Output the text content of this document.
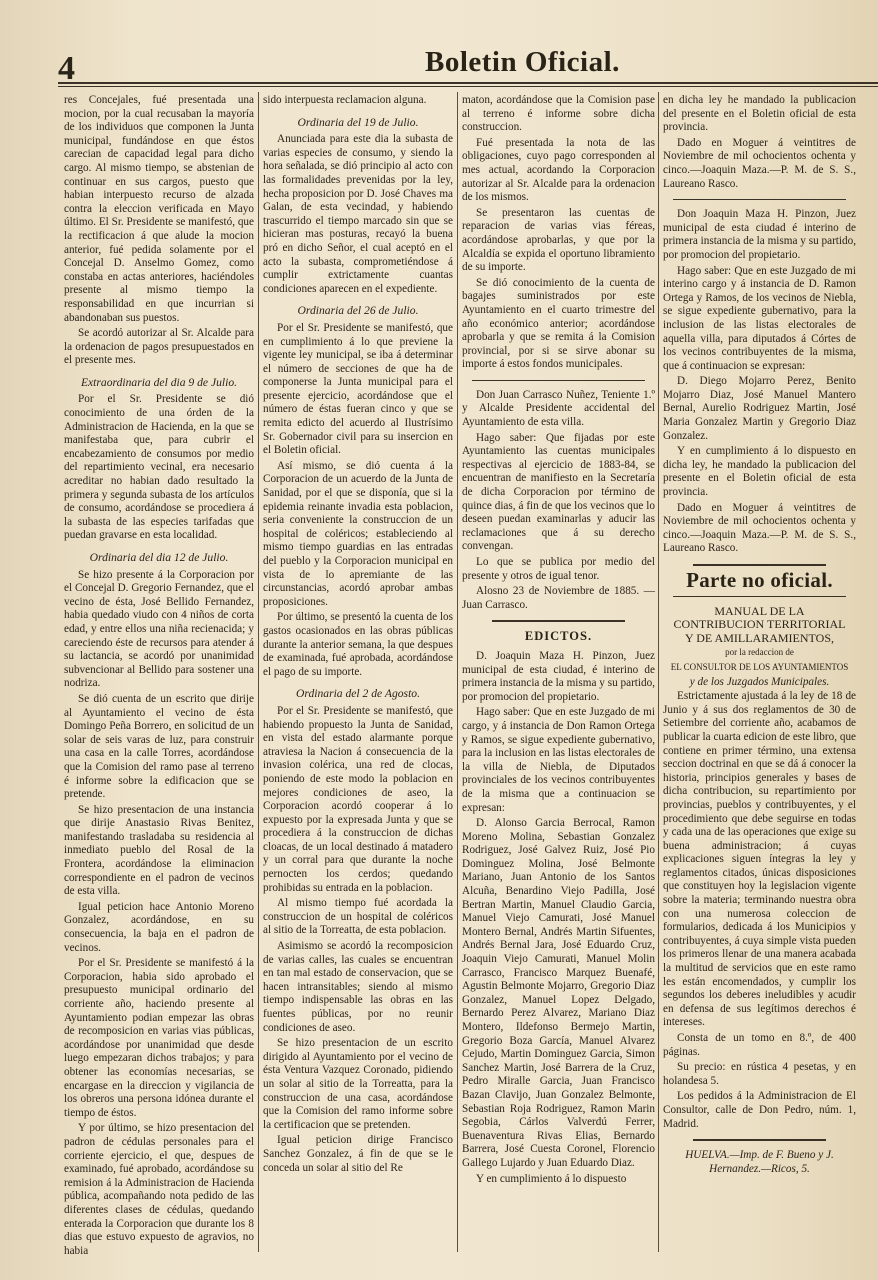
4	Boletin Oficial.

res Concejales, fué presentada una mocion, por la cual recusaban la mayoría de los individuos que componen la Junta municipal, fundándose en que éstos carecian de capacidad legal para dicho cargo. Al mismo tiempo, se abstenian de continuar en sus cargos, puesto que habian interpuesto recurso de alzada contra la eleccion verificada en Mayo último. El Sr. Presidente se manifestó, que la rectificacion á que alude la mocion anterior, fué pedida solamente por el Concejal D. Anselmo Gomez, como constaba en actas anteriores, haciéndoles presente al mismo tiempo la responsabilidad en que incurrian si abandonaban sus puestos.

Se acordó autorizar al Sr. Alcalde para la ordenacion de pagos presupuestados en el presente mes.

Extraordinaria del dia 9 de Julio.

Por el Sr. Presidente se dió conocimiento de una órden de la Administracion de Hacienda, en la que se manifestaba que, para cubrir el encabezamiento de consumos por medio del repartimiento vecinal, era necesario acreditar no habian dado resultado la primera y segunda subasta de los artículos de consumo, acordándose se procediera á la subasta de las especies tarifadas que puedan gravarse en esta localidad.

Ordinaria del dia 12 de Julio.

Se hizo presente á la Corporacion por el Concejal D. Gregorio Fernandez, que el vecino de ésta, José Bellido Fernandez, habia quedado viudo con 4 niños de corta edad, y entre ellos una niña recienacida; y careciendo éste de recursos para atender á su lactancia, se acordó por unanimidad subvencionar al Bellido para sostener una nodriza.

Se dió cuenta de un escrito que dirije al Ayuntamiento el vecino de ésta Domingo Peña Borrero, en solicitud de un solar de seis varas de luz, para construir una casa en la calle Torres, acordándose que la Comision del ramo pase al terreno é informe sobre la edificacion que se pretende.

Se hizo presentacion de una instancia que dirije Anastasio Rivas Benitez, manifestando trasladaba su residencia al inmediato pueblo del Rosal de la Frontera, acordándose la eliminacion correspondiente en el padron de vecinos de esta villa.

Igual peticion hace Antonio Moreno Gonzalez, acordándose, en su consecuencia, la baja en el padron de vecinos.

Por el Sr. Presidente se manifestó á la Corporacion, habia sido aprobado el presupuesto municipal ordinario del corriente año, haciendo presente al Ayuntamiento podian empezar las obras de recomposicion en varias vias públicas, acordándose por unanimidad que desde luego empezaran dichos trabajos; y para obtener las economías necesarias, se encargase en la direccion y vigilancia de los obreros una persona idónea durante el tiempo de éstos.

Y por último, se hizo presentacion del padron de cédulas personales para el corriente ejercicio, el que, despues de examinado, fué aprobado, acordándose su remision á la Administracion de Hacienda pública, acompañando nota pedido de las diferentes clases de cédulas, quedando enterada la Corporacion que durante los 8 dias que estuvo expuesto de agravios, no habia

sido interpuesta reclamacion alguna.

Ordinaria del 19 de Julio.

Anunciada para este dia la subasta de varias especies de consumo, y siendo la hora señalada, se dió principio al acto con las formalidades prevenidas por la ley, hecha proposicion por D. José Chaves ma Galan, de esta vecindad, y habiendo trascurrido el tiempo marcado sin que se hicieran mas posturas, recayó la buena pró en dicho Señor, el cual aceptó en el acto la subasta, comprometiéndose á cumplir extrictamente cuantas condiciones aparecen en el expediente.

Ordinaria del 26 de Julio.

Por el Sr. Presidente se manifestó, que en cumplimiento á lo que previene la vigente ley municipal, se iba á determinar el número de secciones de que ha de componerse la Junta municipal para el presente ejercicio, acordándose que el número de éstas fueran cinco y que se remita edicto del acuerdo al Ilustrísimo Sr. Gobernador civil para su insercion en el Boletin oficial.

Así mismo, se dió cuenta á la Corporacion de un acuerdo de la Junta de Sanidad, por el que se disponía, que si la epidemia reinante invadia esta poblacion, seria conveniente la construccion de un hospital de coléricos; estableciendo al mismo tiempo guardias en las entradas del pueblo y la Corporacion municipal en vista de lo apremiante de las circunstancias, acordó aprobar ambas proposiciones.

Por último, se presentó la cuenta de los gastos ocasionados en las obras públicas durante la anterior semana, la que despues de examinada, fué aprobada, acordándose el pago de su importe.

Ordinaria del 2 de Agosto.

Por el Sr. Presidente se manifestó, que habiendo propuesto la Junta de Sanidad, en vista del estado alarmante porque atraviesa la Nacion á consecuencia de la invasion colérica, una red de clocas, poniendo de este modo la poblacion en mejores condiciones de aseo, la Corporacion acordó cooperar á lo expuesto por la expresada Junta y que se procediera á la construccion de dichas cloacas, de un local destinado á matadero y un corral para que durante la noche pernocten los cerdos; quedando prohibidas su entrada en la poblacion.

Al mismo tiempo fué acordada la construccion de un hospital de coléricos al sitio de la Torreatta, de esta poblacion.

Asimismo se acordó la recomposicion de varias calles, las cuales se encuentran en tan mal estado de conservacion, que se hacen intransitables; siendo al mismo tiempo indispensable las obras en las fuentes públicas, por no reunir condiciones de aseo.

Se hizo presentacion de un escrito dirigido al Ayuntamiento por el vecino de ésta Ventura Vazquez Coronado, pidiendo un solar al sitio de la Torreatta, para la construccion de una casa, acordándose que la Comision del ramo informe sobre la certificacion que se pretenden.

Igual peticion dirige Francisco Sanchez Gonzalez, á fin de que se le conceda un solar al sitio del Re

maton, acordándose que la Comision pase al terreno é informe sobre dicha construccion.

Fué presentada la nota de las obligaciones, cuyo pago corresponden al mes actual, acordando la Corporacion autorizar al Sr. Alcalde para la ordenacion de los mismos.

Se presentaron las cuentas de reparacion de varias vias féreas, acordándose aprobarlas, y que por la Alcaldía se expida el oportuno libramiento de su importe.

Se dió conocimiento de la cuenta de bagajes suministrados por este Ayuntamiento en el cuarto trimestre del año económico anterior; acordándose aprobarla y que se remita á la Comision provincial, por si se sirve abonar su importe á estos fondos municipales.

Don Juan Carrasco Nuñez, Teniente 1.º y Alcalde Presidente accidental del Ayuntamiento de esta villa.

Hago saber: Que fijadas por este Ayuntamiento las cuentas municipales respectivas al ejercicio de 1883-84, se encuentran de manifiesto en la Secretaría de dicha Corporacion por término de quince dias, á fin de que los vecinos que lo deseen puedan examinarlas y aducir las reclamaciones que á su derecho convengan.

Lo que se publica por medio del presente y otros de igual tenor.

Alosno 23 de Noviembre de 1885. —Juan Carrasco.

EDICTOS.

D. Joaquin Maza H. Pinzon, Juez municipal de esta ciudad, é interino de primera instancia de la misma y su partido, por promocion del propietario.

Hago saber: Que en este Juzgado de mi cargo, y á instancia de Don Ramon Ortega y Ramos, se sigue expediente gubernativo, para la inclusion en las listas electorales de la villa de Niebla, de Diputados provinciales de los vecinos contribuyentes de la misma que a continuacion se expresan:

D. Alonso Garcia Berrocal, Ramon Moreno Molina, Sebastian Gonzalez Rodriguez, José Galvez Ruiz, José Pio Dominguez Molina, José Belmonte Mariano, Juan Antonio de los Santos Alcuña, Benardino Viejo Padilla, José Bertran Martin, Manuel Claudio Garcia, Manuel Viejo Camurati, José Manuel Montero Bernal, Andrés Martin Sifuentes, Andrés Bernal Jara, José Eduardo Cruz, Joaquin Viejo Camurati, Manuel Molin Carrasco, Francisco Marquez Buenafé, Agustin Belmonte Mojarro, Gregorio Diaz Gonzalez, Manuel Lopez Delgado, Bernardo Perez Alvarez, Mariano Diaz Montero, Ildefonso Bermejo Martin, Gregorio Boza García, Manuel Alvarez Cejudo, Martin Dominguez Garcia, Simon Sanchez Martin, José Barrera de la Cruz, Pedro Miralle Garcia, Juan Francisco Bazan Clavijo, Juan Gonzalez Belmonte, Sebastian Roja Rodriguez, Ramon Marin Segobia, Cárlos Valverdú Ferrer, Buenaventura Rivas Elias, Bernardo Barrera, José Cuesta Coronel, Florencio Gallego Lujardo y Juan Eduardo Diaz.

Y en cumplimiento á lo dispuesto

en dicha ley he mandado la publicacion del presente en el Boletin oficial de esta provincia.

Dado en Moguer á veintitres de Noviembre de mil ochocientos ochenta y cinco.—Joaquin Maza.—P. M. de S. S., Laureano Rasco.

Don Joaquin Maza H. Pinzon, Juez municipal de esta ciudad é interino de primera instancia de la misma y su partido, por promocion del propietario.

Hago saber: Que en este Juzgado de mi interino cargo y á instancia de D. Ramon Ortega y Ramos, de los vecinos de Niebla, se sigue expediente gubernativo, para la inclusion de las listas electorales de aquella villa, para diputados á Córtes de los vecinos contribuyentes de la misma, que á continuacion se expresan:

D. Diego Mojarro Perez, Benito Mojarro Diaz, José Manuel Mantero Bernal, Aurelio Rodriguez Martin, José Maria Gonzalez Martin y Gregorio Diaz Gonzalez.

Y en cumplimiento á lo dispuesto en dicha ley, he mandado la publicacion del presente en el Boletin oficial de esta provincia.

Dado en Moguer á veintitres de Noviembre de mil ochocientos ochenta y cinco.—Joaquin Maza.—P. M. de S. S., Laureano Rasco.

Parte no oficial.

MANUAL DE LA

CONTRIBUCION TERRITORIAL

Y DE AMILLARAMIENTOS,

por la redaccion de

EL CONSULTOR DE LOS AYUNTAMIENTOS

y de los Juzgados Municipales.

Estrictamente ajustada á la ley de 18 de Junio y á sus dos reglamentos de 30 de Setiembre del corriente año, acabamos de publicar la cuarta edicion de este libro, que contiene en primer término, una extensa seccion doctrinal en que se dá á conocer la historia, principios generales y bases de dicha contribucion, su repartimiento por provincias, pueblos y contribuyentes, y el procedimiento que debe seguirse en todas y cada una de las operaciones que exige su buena administracion; á cuyas explicaciones siguen íntegras la ley y reglamentos citados, únicas disposiciones que constituyen hoy la legislacion vigente sobre la materia; terminando nuestra obra con una numerosa coleccion de formularios, dedicada á los Municipios y contribuyentes, á cuya simple vista pueden los primeros llenar de una manera acabada la multitud de servicios que en este ramo les están encomendados, y cumplir los segundos los deberes ineludibles y acudir en defensa de sus legítimos derechos é intereses.

Consta de un tomo en 8.º, de 400 páginas.

Su precio: en rústica 4 pesetas, y en holandesa 5.

Los pedidos á la Administracion de El Consultor, calle de Don Pedro, núm. 1, Madrid.

HUELVA.—Imp. de F. Bueno y J. Hernandez.—Ricos, 5.
